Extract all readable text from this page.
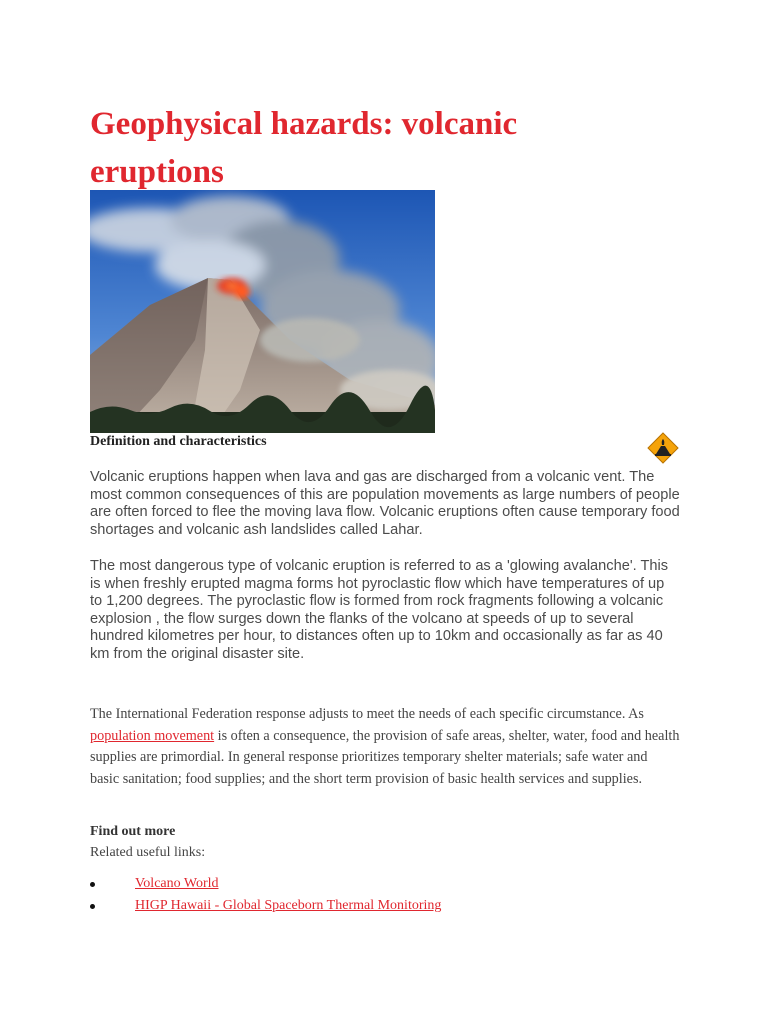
Geophysical hazards: volcanic eruptions
Definition and characteristics

Volcanic eruptions happen when lava and gas are discharged from a volcanic vent. The most common consequences of this are population movements as large numbers of people are often forced to flee the moving lava flow. Volcanic eruptions often cause temporary food shortages and volcanic ash landslides called Lahar.

The most dangerous type of volcanic eruption is referred to as a 'glowing avalanche'. This is when freshly erupted magma forms hot pyroclastic flow which have temperatures of up to 1,200 degrees. The pyroclastic flow is formed from rock fragments following a volcanic explosion , the flow surges down the flanks of the volcano at speeds of up to several hundred kilometres per hour, to distances often up to 10km and occasionally as far as 40 km from the original disaster site.

The International Federation response adjusts to meet the needs of each specific circumstance. As population movement is often a consequence, the provision of safe areas, shelter, water, food and health supplies are primordial. In general response prioritizes temporary shelter materials; safe water and basic sanitation; food supplies; and the short term provision of basic health services and supplies.

Find out more

Related useful links:

Volcano World
HIGP Hawaii - Global Spaceborn Thermal Monitoring
